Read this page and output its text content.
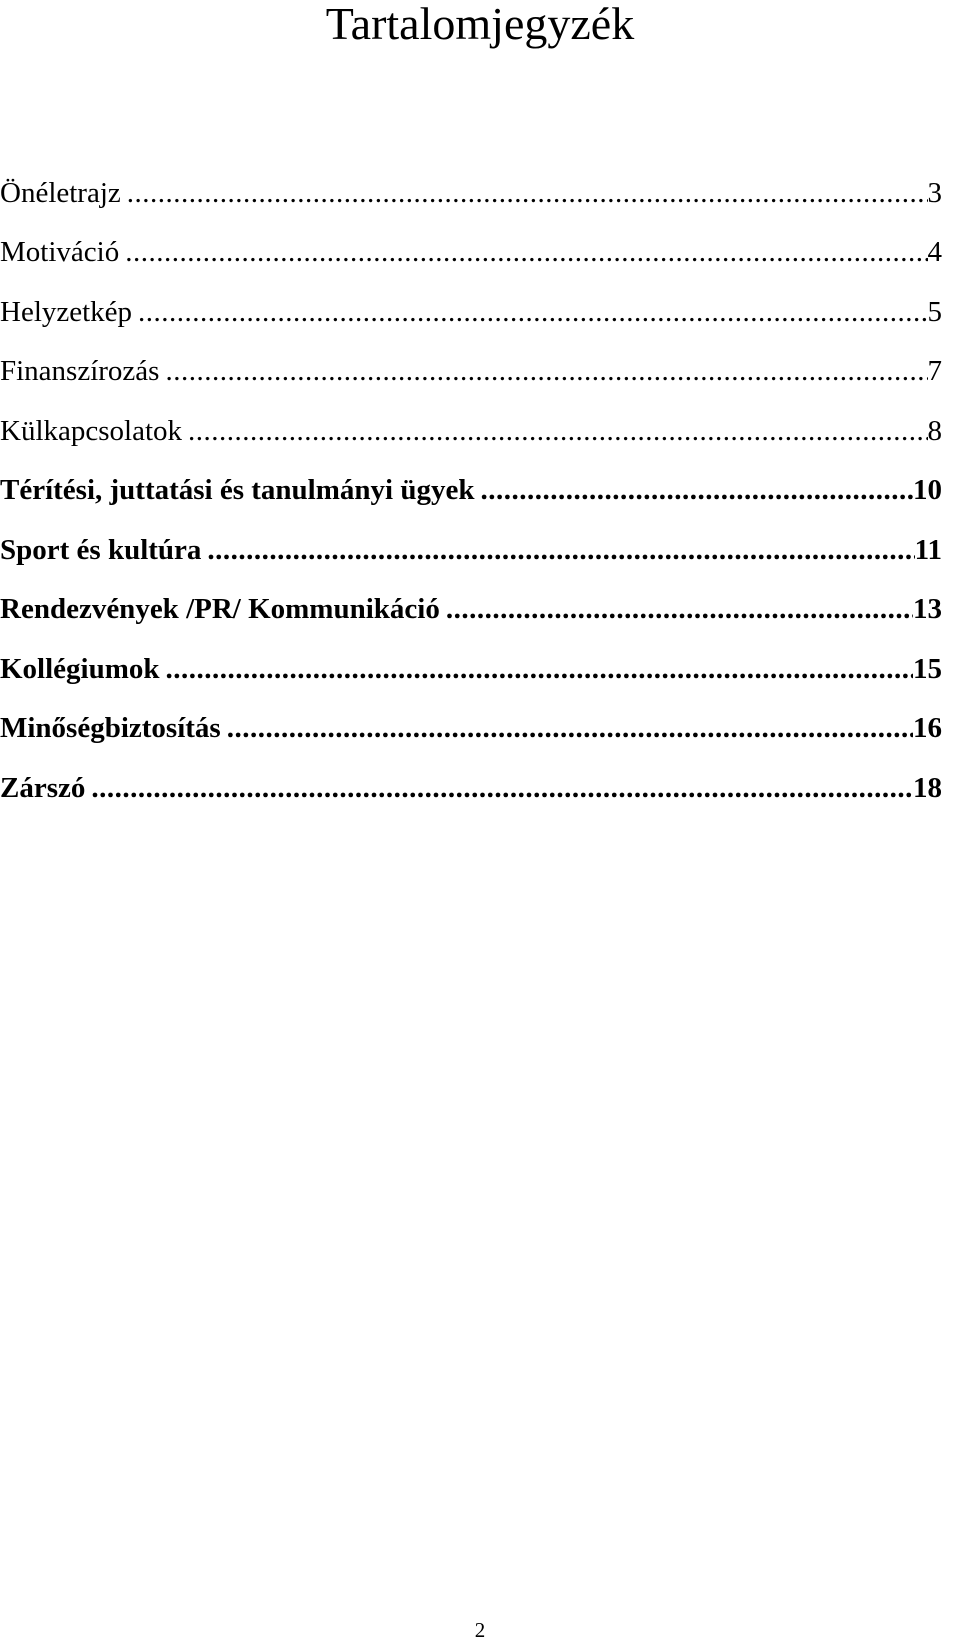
Tartalomjegyzék
Önéletrajz .....	3
Motiváció .....	4
Helyzetkép .....	5
Finanszírozás .....	7
Külkapcsolatok .....	8
Térítési, juttatási és tanulmányi ügyek .....	10
Sport és kultúra .....	11
Rendezvények /PR/ Kommunikáció .....	13
Kollégiumok .....	15
Minőségbiztosítás .....	16
Zárszó .....	18
2
